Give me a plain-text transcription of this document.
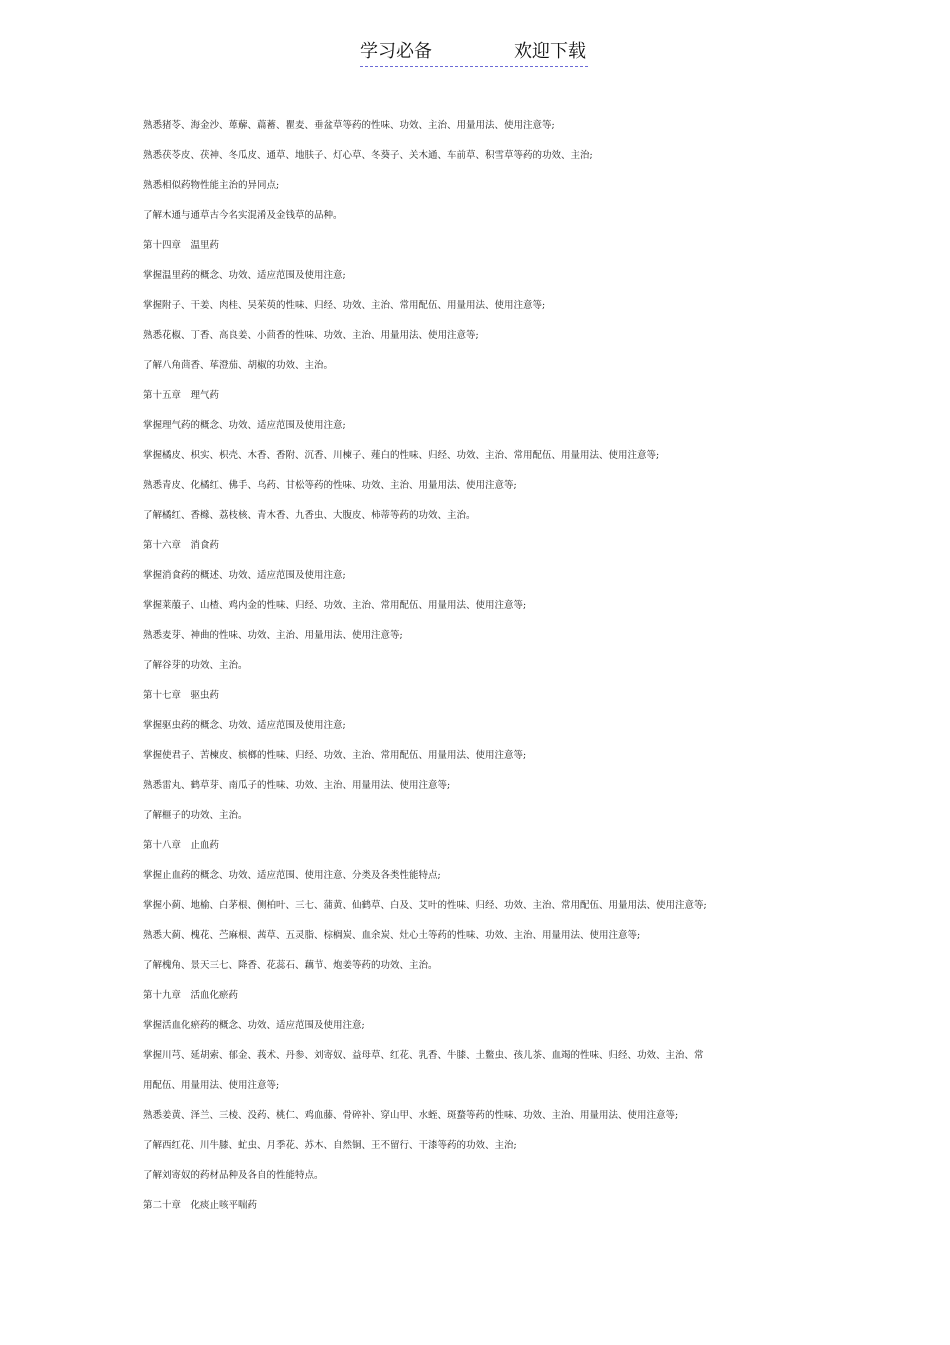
学习必备	欢迎下载
熟悉猪苓、海金沙、萆薢、萹蓄、瞿麦、垂盆草等药的性味、功效、主治、用量用法、使用注意等;
熟悉茯苓皮、茯神、冬瓜皮、通草、地肤子、灯心草、冬葵子、关木通、车前草、积雪草等药的功效、主治;
熟悉相似药物性能主治的异同点;
了解木通与通草古今名实混淆及金钱草的品种。
第十四章　温里药
掌握温里药的概念、功效、适应范围及使用注意;
掌握附子、干姜、肉桂、吴茱萸的性味、归经、功效、主治、常用配伍、用量用法、使用注意等;
熟悉花椒、丁香、高良姜、小茴香的性味、功效、主治、用量用法、使用注意等;
了解八角茴香、荜澄茄、胡椒的功效、主治。
第十五章　理气药
掌握理气药的概念、功效、适应范围及使用注意;
掌握橘皮、枳实、枳壳、木香、香附、沉香、川楝子、薤白的性味、归经、功效、主治、常用配伍、用量用法、使用注意等;
熟悉青皮、化橘红、佛手、乌药、甘松等药的性味、功效、主治、用量用法、使用注意等;
了解橘红、香橼、荔枝核、青木香、九香虫、大腹皮、柿蒂等药的功效、主治。
第十六章　消食药
掌握消食药的概述、功效、适应范围及使用注意;
掌握莱菔子、山楂、鸡内金的性味、归经、功效、主治、常用配伍、用量用法、使用注意等;
熟悉麦芽、神曲的性味、功效、主治、用量用法、使用注意等;
了解谷芽的功效、主治。
第十七章　驱虫药
掌握驱虫药的概念、功效、适应范围及使用注意;
掌握使君子、苦楝皮、槟榔的性味、归经、功效、主治、常用配伍、用量用法、使用注意等;
熟悉雷丸、鹤草芽、南瓜子的性味、功效、主治、用量用法、使用注意等;
了解榧子的功效、主治。
第十八章　止血药
掌握止血药的概念、功效、适应范围、使用注意、分类及各类性能特点;
掌握小蓟、地榆、白茅根、侧柏叶、三七、蒲黄、仙鹤草、白及、艾叶的性味、归经、功效、主治、常用配伍、用量用法、使用注意等;
熟悉大蓟、槐花、苎麻根、茜草、五灵脂、棕榈炭、血余炭、灶心土等药的性味、功效、主治、用量用法、使用注意等;
了解槐角、景天三七、降香、花蕊石、藕节、炮姜等药的功效、主治。
第十九章　活血化瘀药
掌握活血化瘀药的概念、功效、适应范围及使用注意;
掌握川芎、延胡索、郁金、莪术、丹参、刘寄奴、益母草、红花、乳香、牛膝、土鳖虫、孩儿茶、血竭的性味、归经、功效、主治、常
用配伍、用量用法、使用注意等;
熟悉姜黄、泽兰、三棱、没药、桃仁、鸡血藤、骨碎补、穿山甲、水蛭、斑蝥等药的性味、功效、主治、用量用法、使用注意等;
了解西红花、川牛膝、虻虫、月季花、苏木、自然铜、王不留行、干漆等药的功效、主治;
了解刘寄奴的药材品种及各自的性能特点。
第二十章　化痰止咳平喘药
